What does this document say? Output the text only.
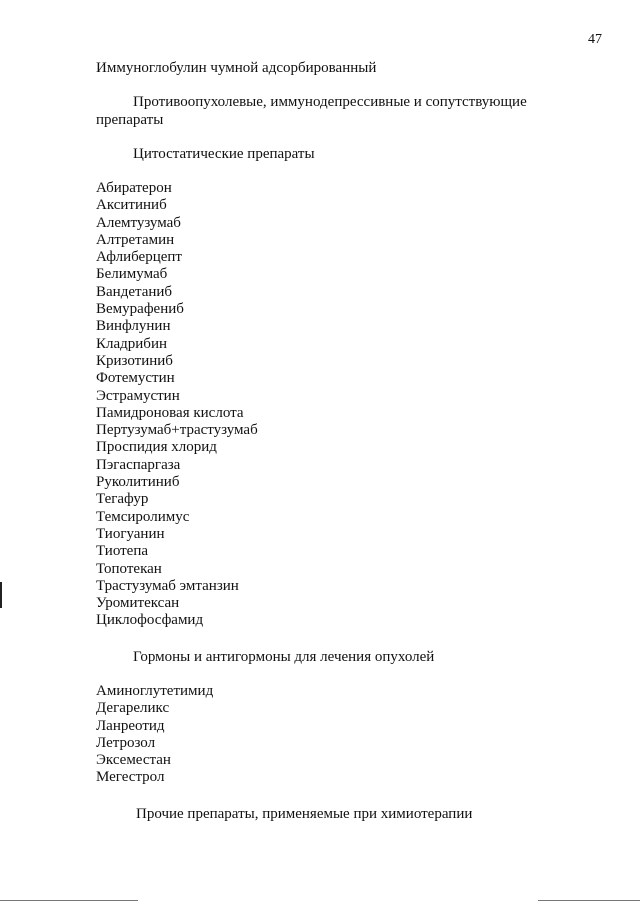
47
Иммуноглобулин чумной адсорбированный
Противоопухолевые, иммунодепрессивные и сопутствующие
препараты
Цитостатические препараты
Абиратерон
Акситиниб
Алемтузумаб
Алтретамин
Афлиберцепт
Белимумаб
Вандетаниб
Вемурафениб
Винфлунин
Кладрибин
Кризотиниб
Фотемустин
Эстрамустин
Памидроновая кислота
Пертузумаб+трастузумаб
Проспидия хлорид
Пэгаспаргаза
Руколитиниб
Тегафур
Темсиролимус
Тиогуанин
Тиотепа
Топотекан
Трастузумаб эмтанзин
Уромитексан
Циклофосфамид
Гормоны и антигормоны для лечения опухолей
Аминоглутетимид
Дегареликс
Ланреотид
Летрозол
Эксеместан
Мегестрол
Прочие препараты, применяемые при химиотерапии
